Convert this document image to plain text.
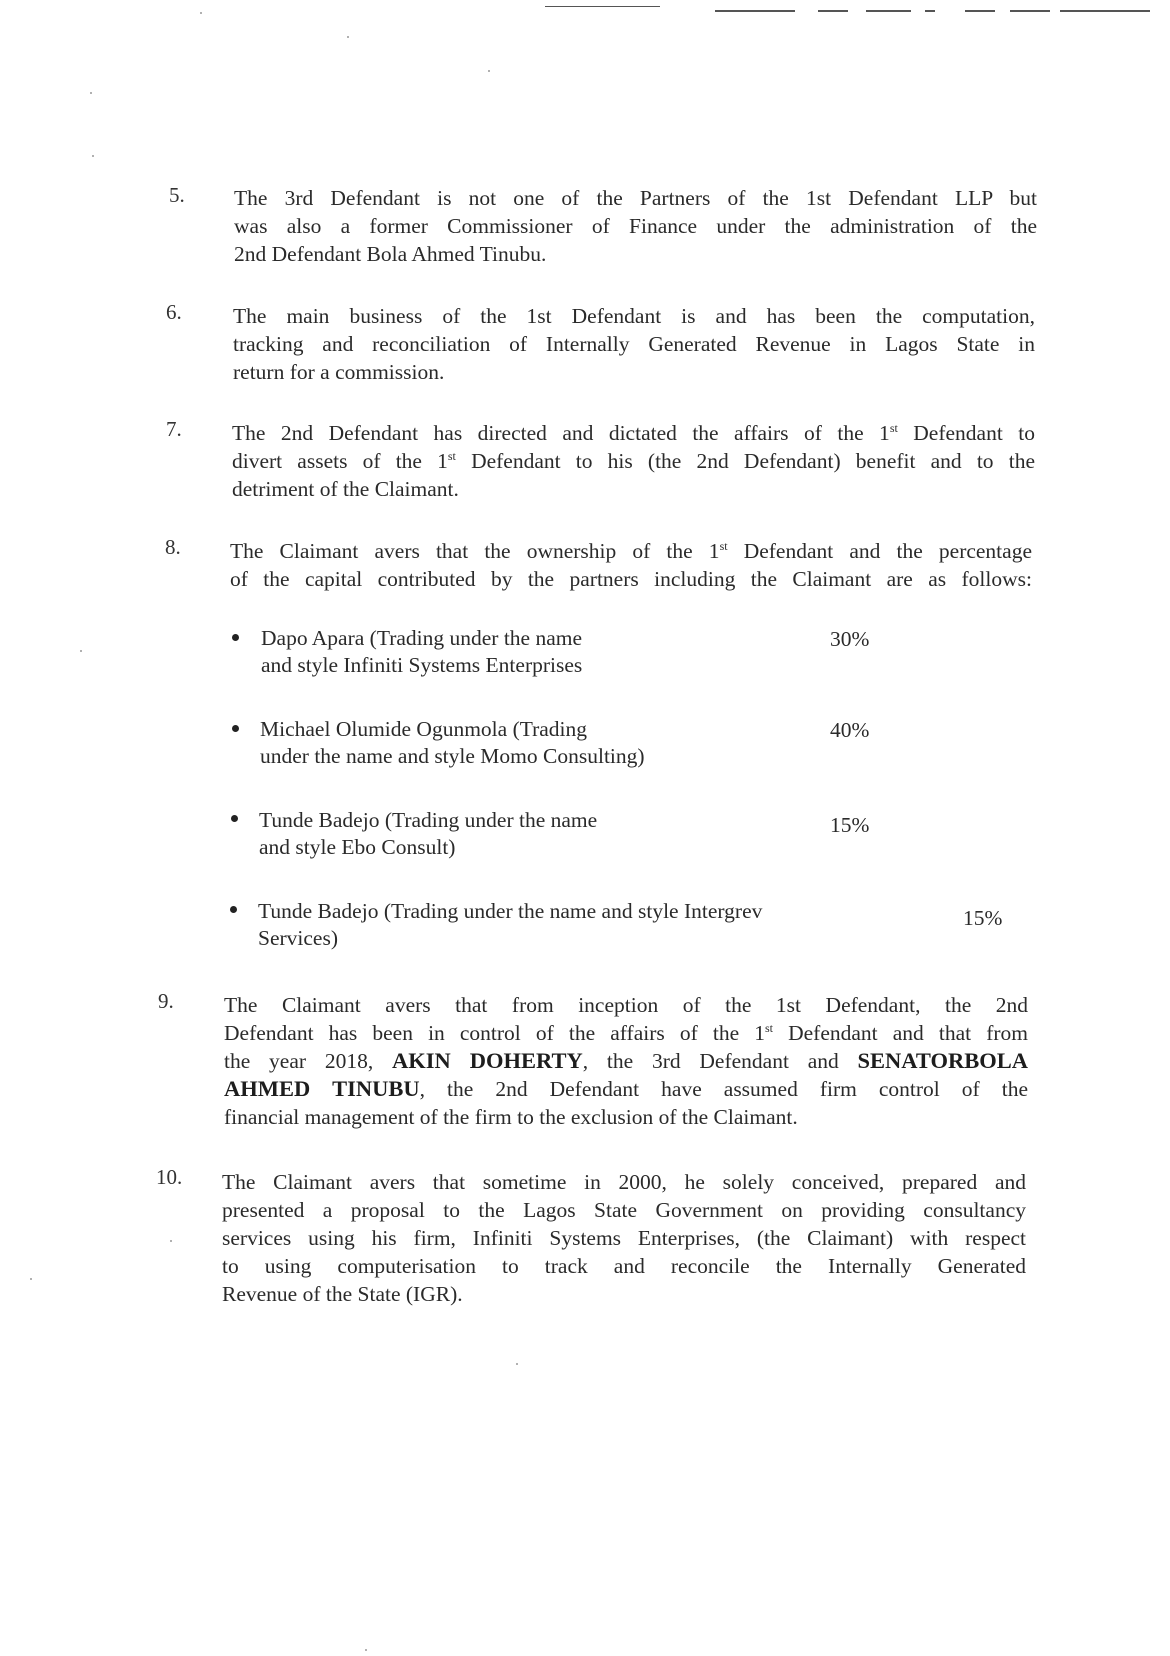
5. The 3rd Defendant is not one of the Partners of the 1st Defendant LLP but
was also a former Commissioner of Finance under the administration of the
2nd Defendant Bola Ahmed Tinubu.
6. The main business of the 1st Defendant is and has been the computation,
tracking and reconciliation of Internally Generated Revenue in Lagos State in
return for a commission.
7. The 2nd Defendant has directed and dictated the affairs of the 1st Defendant to
divert assets of the 1st Defendant to his (the 2nd Defendant) benefit and to the
detriment of the Claimant.
8. The Claimant avers that the ownership of the 1st Defendant and the percentage
of the capital contributed by the partners including the Claimant are as follows:
Dapo Apara (Trading under the name
and style Infiniti Systems Enterprises
30%
Michael Olumide Ogunmola (Trading
under the name and style Momo Consulting)
40%
Tunde Badejo (Trading under the name
and style Ebo Consult)
15%
Tunde Badejo (Trading under the name and style Intergrev
Services)
15%
9. The Claimant avers that from inception of the 1st Defendant, the 2nd
Defendant has been in control of the affairs of the 1st Defendant and that from
the year 2018, AKIN DOHERTY, the 3rd Defendant and SENATORBOLA
AHMED TINUBU, the 2nd Defendant have assumed firm control of the
financial management of the firm to the exclusion of the Claimant.
10. The Claimant avers that sometime in 2000, he solely conceived, prepared and
presented a proposal to the Lagos State Government on providing consultancy
services using his firm, Infiniti Systems Enterprises, (the Claimant) with respect
to using computerisation to track and reconcile the Internally Generated
Revenue of the State (IGR).
